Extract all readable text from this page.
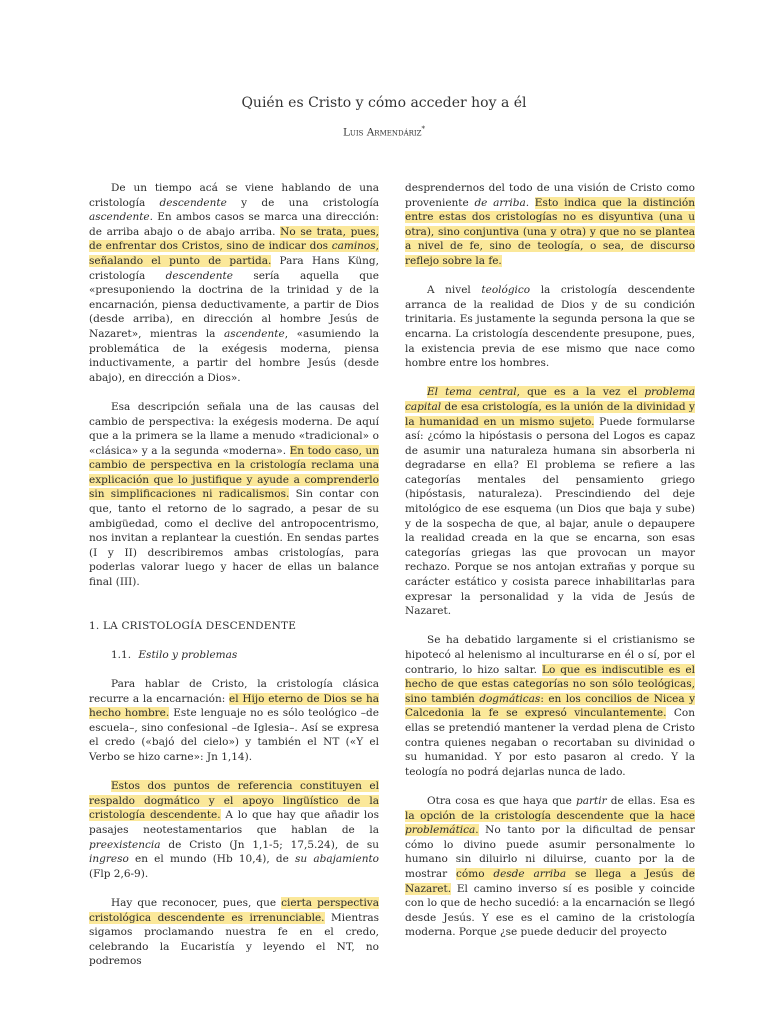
Quién es Cristo y cómo acceder hoy a él
Luis Armendáriz*

De un tiempo acá se viene hablando de una cristología descendente y de una cristología ascendente. En ambos casos se marca una dirección: de arriba abajo o de abajo arriba. No se trata, pues, de enfrentar dos Cristos, sino de indicar dos caminos, señalando el punto de partida. Para Hans Küng, cristología descendente sería aquella que «presuponiendo la doctrina de la trinidad y de la encarnación, piensa deductivamente, a partir de Dios (desde arriba), en dirección al hombre Jesús de Nazaret», mientras la ascendente, «asumiendo la problemática de la exégesis moderna, piensa inductivamente, a partir del hombre Jesús (desde abajo), en dirección a Dios».

Esa descripción señala una de las causas del cambio de perspectiva: la exégesis moderna. De aquí que a la primera se la llame a menudo «tradicional» o «clásica» y a la segunda «moderna». En todo caso, un cambio de perspectiva en la cristología reclama una explicación que lo justifique y ayude a comprenderlo sin simplificaciones ni radicalismos. Sin contar con que, tanto el retorno de lo sagrado, a pesar de su ambigüedad, como el declive del antropocentrismo, nos invitan a replantear la cuestión. En sendas partes (I y II) describiremos ambas cristologías, para poderlas valorar luego y hacer de ellas un balance final (III).

1. LA CRISTOLOGÍA DESCENDENTE

1.1. Estilo y problemas

Para hablar de Cristo, la cristología clásica recurre a la encarnación: el Hijo eterno de Dios se ha hecho hombre. Este lenguaje no es sólo teológico –de escuela–, sino confesional –de Iglesia–. Así se expresa el credo («bajó del cielo») y también el NT («Y el Verbo se hizo carne»: Jn 1,14).

Estos dos puntos de referencia constituyen el respaldo dogmático y el apoyo lingüístico de la cristología descendente. A lo que hay que añadir los pasajes neotestamentarios que hablan de la preexistencia de Cristo (Jn 1,1-5; 17,5.24), de su ingreso en el mundo (Hb 10,4), de su abajamiento (Flp 2,6-9).

Hay que reconocer, pues, que cierta perspectiva cristológica descendente es irrenunciable. Mientras sigamos proclamando nuestra fe en el credo, celebrando la Eucaristía y leyendo el NT, no podremos

desprendernos del todo de una visión de Cristo como proveniente de arriba. Esto indica que la distinción entre estas dos cristologías no es disyuntiva (una u otra), sino conjuntiva (una y otra) y que no se plantea a nivel de fe, sino de teología, o sea, de discurso reflejo sobre la fe.

A nivel teológico la cristología descendente arranca de la realidad de Dios y de su condición trinitaria. Es justamente la segunda persona la que se encarna. La cristología descendente presupone, pues, la existencia previa de ese mismo que nace como hombre entre los hombres.

El tema central, que es a la vez el problema capital de esa cristología, es la unión de la divinidad y la humanidad en un mismo sujeto. Puede formularse así: ¿cómo la hipóstasis o persona del Logos es capaz de asumir una naturaleza humana sin absorberla ni degradarse en ella? El problema se refiere a las categorías mentales del pensamiento griego (hipóstasis, naturaleza). Prescindiendo del deje mitológico de ese esquema (un Dios que baja y sube) y de la sospecha de que, al bajar, anule o depaupere la realidad creada en la que se encarna, son esas categorías griegas las que provocan un mayor rechazo. Porque se nos antojan extrañas y porque su carácter estático y cosista parece inhabilitarlas para expresar la personalidad y la vida de Jesús de Nazaret.

Se ha debatido largamente si el cristianismo se hipotecó al helenismo al inculturarse en él o sí, por el contrario, lo hizo saltar. Lo que es indiscutible es el hecho de que estas categorías no son sólo teológicas, sino también dogmáticas: en los concilios de Nicea y Calcedonia la fe se expresó vinculantemente. Con ellas se pretendió mantener la verdad plena de Cristo contra quienes negaban o recortaban su divinidad o su humanidad. Y por esto pasaron al credo. Y la teología no podrá dejarlas nunca de lado.

Otra cosa es que haya que partir de ellas. Esa es la opción de la cristología descendente que la hace problemática. No tanto por la dificultad de pensar cómo lo divino puede asumir personalmente lo humano sin diluirlo ni diluirse, cuanto por la de mostrar cómo desde arriba se llega a Jesús de Nazaret. El camino inverso sí es posible y coincide con lo que de hecho sucedió: a la encarnación se llegó desde Jesús. Y ese es el camino de la cristología moderna. Porque ¿se puede deducir del proyecto
